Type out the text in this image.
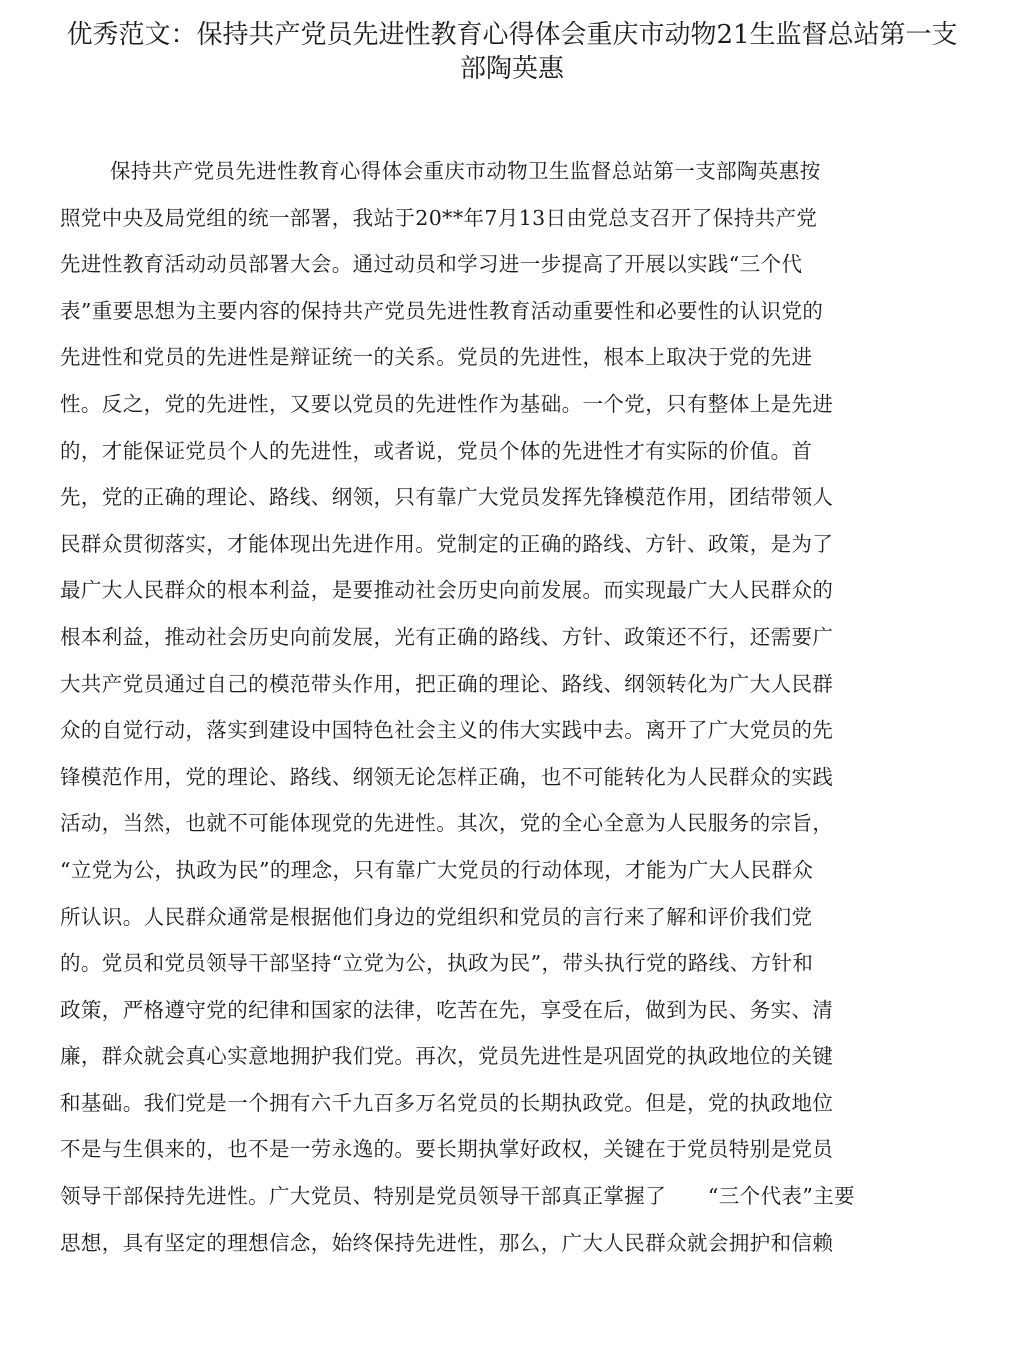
优秀范文：保持共产党员先进性教育心得体会重庆市动物21生监督总站第一支
部陶英惠
保持共产党员先进性教育心得体会重庆市动物卫生监督总站第一支部陶英惠按
照党中央及局党组的统一部署，我站于20**年7月13日由党总支召开了保持共产党
先进性教育活动动员部署大会。通过动员和学习进一步提高了开展以实践“三个代
表”重要思想为主要内容的保持共产党员先进性教育活动重要性和必要性的认识党的
先进性和党员的先进性是辩证统一的关系。党员的先进性，根本上取决于党的先进
性。反之，党的先进性，又要以党员的先进性作为基础。一个党，只有整体上是先进
的，才能保证党员个人的先进性，或者说，党员个体的先进性才有实际的价值。首
先，党的正确的理论、路线、纲领，只有靠广大党员发挥先锋模范作用，团结带领人
民群众贯彻落实，才能体现出先进作用。党制定的正确的路线、方针、政策，是为了
最广大人民群众的根本利益，是要推动社会历史向前发展。而实现最广大人民群众的
根本利益，推动社会历史向前发展，光有正确的路线、方针、政策还不行，还需要广
大共产党员通过自己的模范带头作用，把正确的理论、路线、纲领转化为广大人民群
众的自觉行动，落实到建设中国特色社会主义的伟大实践中去。离开了广大党员的先
锋模范作用，党的理论、路线、纲领无论怎样正确，也不可能转化为人民群众的实践
活动，当然，也就不可能体现党的先进性。其次，党的全心全意为人民服务的宗旨，
“立党为公，执政为民”的理念，只有靠广大党员的行动体现，才能为广大人民群众
所认识。人民群众通常是根据他们身边的党组织和党员的言行来了解和评价我们党
的。党员和党员领导干部坚持“立党为公，执政为民”，带头执行党的路线、方针和
政策，严格遵守党的纪律和国家的法律，吃苦在先，享受在后，做到为民、务实、清
廉，群众就会真心实意地拥护我们党。再次，党员先进性是巩固党的执政地位的关键
和基础。我们党是一个拥有六千九百多万名党员的长期执政党。但是，党的执政地位
不是与生俱来的，也不是一劳永逸的。要长期执掌好政权，关键在于党员特别是党员
领导干部保持先进性。广大党员、特别是党员领导干部真正掌握了　　“三个代表”主要
思想，具有坚定的理想信念，始终保持先进性，那么，广大人民群众就会拥护和信赖
